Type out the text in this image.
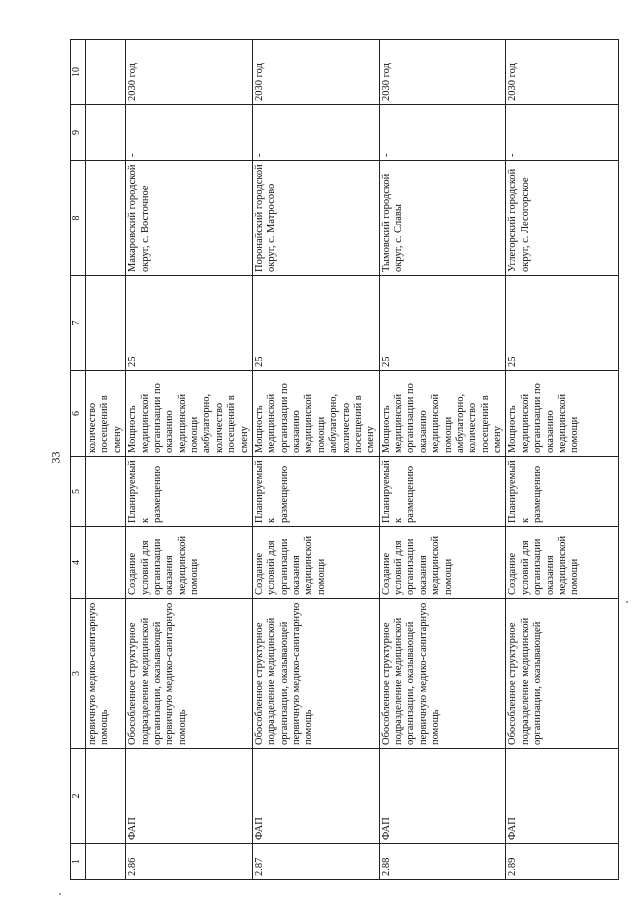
33
1	2	3	4	5	6	7	8	9	10
		первичную медико-санитарную помощь			количество посещений в смену				
2.86	ФАП	Обособленное структурное подразделение медицинской организации, оказывающей первичную медико-санитарную помощь	Создание условий для организации оказания медицинской помощи	Планируемый к размещению	Мощность медицинской организации по оказанию медицинской помощи амбулаторно, количество посещений в смену	25	Макаровский городской округ, с. Восточное	-	2030 год
2.87	ФАП	Обособленное структурное подразделение медицинской организации, оказывающей первичную медико-санитарную помощь	Создание условий для организации оказания медицинской помощи	Планируемый к размещению	Мощность медицинской организации по оказанию медицинской помощи амбулаторно, количество посещений в смену	25	Поронайский городской округ, с. Матросово	-	2030 год
2.88	ФАП	Обособленное структурное подразделение медицинской организации, оказывающей первичную медико-санитарную помощь	Создание условий для организации оказания медицинской помощи	Планируемый к размещению	Мощность медицинской организации по оказанию медицинской помощи амбулаторно, количество посещений в смену	25	Тымовский городской округ, с. Славы	-	2030 год
2.89	ФАП	Обособленное структурное подразделение медицинской организации, оказывающей	Создание условий для организации оказания медицинской помощи	Планируемый к размещению	Мощность медицинской организации по оказанию медицинской помощи	25	Углегорский городской округ, с. Лесогорское	-	2030 год
